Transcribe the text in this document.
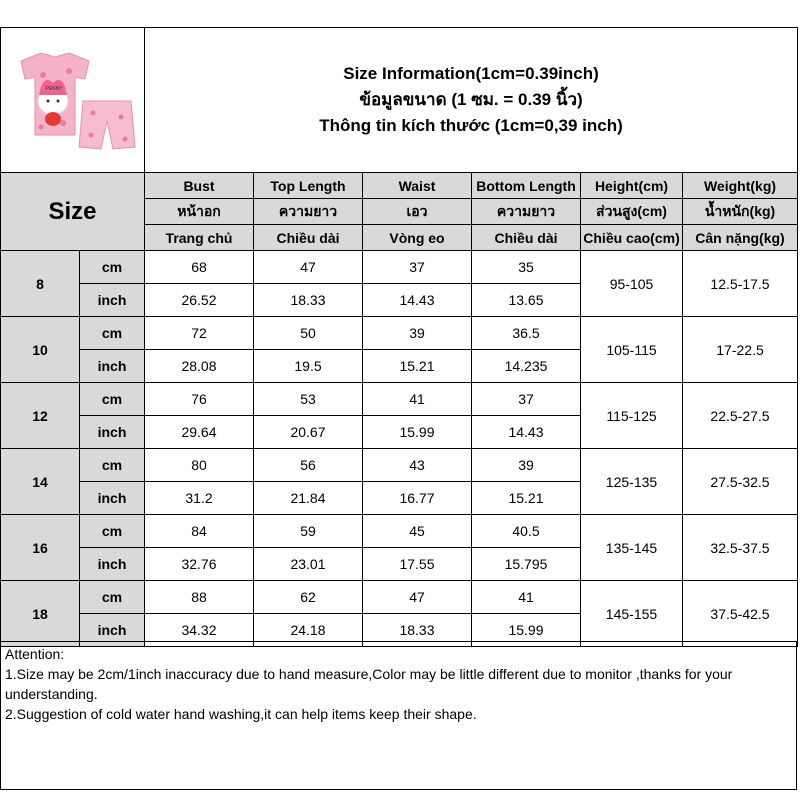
PENNY		Size Information(1cm=0.39inch)
ข้อมูลขนาด (1 ซม. = 0.39 นิ้ว)
Thông tin kích thước (1cm=0,39 inch)					

Size		Bust	Top Length	Waist	Bottom Length	Height(cm)	Weight(kg)
		หน้าอก	ความยาว	เอว	ความยาว	ส่วนสูง(cm)	น้ำหนัก(kg)
		Trang chủ	Chiều dài	Vòng eo	Chiều dài	Chiều cao(cm)	Cân nặng(kg)
8	cm	68	47	37	35	95-105	12.5-17.5
	inch	26.52	18.33	14.43	13.65		
10	cm	72	50	39	36.5	105-115	17-22.5
	inch	28.08	19.5	15.21	14.235		
12	cm	76	53	41	37	115-125	22.5-27.5
	inch	29.64	20.67	15.99	14.43		
14	cm	80	56	43	39	125-135	27.5-32.5
	inch	31.2	21.84	16.77	15.21		
16	cm	84	59	45	40.5	135-145	32.5-37.5
	inch	32.76	23.01	17.55	15.795		
18	cm	88	62	47	41	145-155	37.5-42.5
	inch	34.32	24.18	18.33	15.99		
Attention:
1.Size may be 2cm/1inch inaccuracy due to hand measure,Color may be little different due to monitor ,thanks for your understanding.
2.Suggestion of cold water hand washing,it can help items keep their shape.
